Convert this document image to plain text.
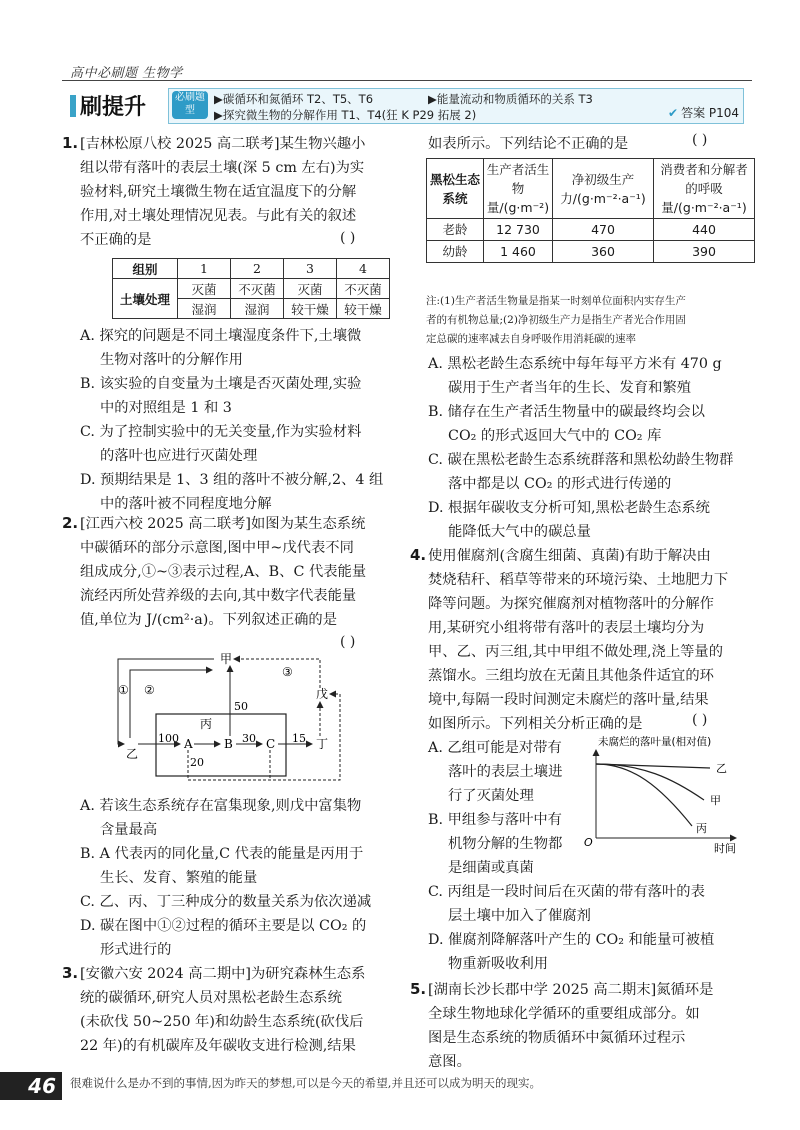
高中必刷题 生物学
刷提升	必刷题型
▶碳循环和氮循环 T2、T5、T6	▶能量流动和物质循环的关系 T3
▶探究微生物的分解作用 T1、T4(狂 K P29 拓展 2)	✔ 答案 P104
1. [吉林松原八校 2025 高二联考]某生物兴趣小
组以带有落叶的表层土壤(深 5 cm 左右)为实
验材料,研究土壤微生物在适宜温度下的分解
作用,对土壤处理情况见表。与此有关的叙述
不正确的是	( )
组别	1	2	3	4
土壤处理	灭菌	不灭菌	灭菌	不灭菌
	湿润	湿润	较干燥	较干燥
A. 探究的问题是不同土壤湿度条件下,土壤微
生物对落叶的分解作用
B. 该实验的自变量为土壤是否灭菌处理,实验
中的对照组是 1 和 3
C. 为了控制实验中的无关变量,作为实验材料
的落叶也应进行灭菌处理
D. 预期结果是 1、3 组的落叶不被分解,2、4 组
中的落叶被不同程度地分解
2. [江西六校 2025 高二联考]如图为某生态系统
中碳循环的部分示意图,图中甲~戊代表不同
组成成分,①~③表示过程,A、B、C 代表能量
流经丙所处营养级的去向,其中数字代表能量
值,单位为 J/(cm²·a)。下列叙述正确的是
( )
甲
乙
丙
戊
A	B	C	丁
① ②
③
100	30	15
50
20
A. 若该生态系统存在富集现象,则戊中富集物
含量最高
B. A 代表丙的同化量,C 代表的能量是丙用于
生长、发育、繁殖的能量
C. 乙、丙、丁三种成分的数量关系为依次递减
D. 碳在图中①②过程的循环主要是以 CO₂ 的
形式进行的
3. [安徽六安 2024 高二期中]为研究森林生态系
统的碳循环,研究人员对黑松老龄生态系统
(未砍伐 50~250 年)和幼龄生态系统(砍伐后
22 年)的有机碳库及年碳收支进行检测,结果
如表所示。下列结论不正确的是	( )
黑松生态系统	生产者活生物量/(g·m⁻²)	净初级生产力/(g·m⁻²·a⁻¹)	消费者和分解者的呼吸量/(g·m⁻²·a⁻¹)
老龄	12 730	470	440
幼龄	1 460	360	390
注:(1)生产者活生物量是指某一时刻单位面积内实存生产
者的有机物总量;(2)净初级生产力是指生产者光合作用固
定总碳的速率减去自身呼吸作用消耗碳的速率
A. 黑松老龄生态系统中每年每平方米有 470 g
碳用于生产者当年的生长、发育和繁殖
B. 储存在生产者活生物量中的碳最终均会以
CO₂ 的形式返回大气中的 CO₂ 库
C. 碳在黑松老龄生态系统群落和黑松幼龄生物群
落中都是以 CO₂ 的形式进行传递的
D. 根据年碳收支分析可知,黑松老龄生态系统
能降低大气中的碳总量
4. 使用催腐剂(含腐生细菌、真菌)有助于解决由
焚烧秸秆、稻草等带来的环境污染、土地肥力下
降等问题。为探究催腐剂对植物落叶的分解作
用,某研究小组将带有落叶的表层土壤均分为
甲、乙、丙三组,其中甲组不做处理,浇上等量的
蒸馏水。三组均放在无菌且其他条件适宜的环
境中,每隔一段时间测定未腐烂的落叶量,结果
如图所示。下列相关分析正确的是	( )
A. 乙组可能是对带有
落叶的表层土壤进
行了灭菌处理
B. 甲组参与落叶中有
机物分解的生物都
是细菌或真菌
未腐烂的落叶量(相对值)
O	时间
乙
甲
丙
C. 丙组是一段时间后在灭菌的带有落叶的表
层土壤中加入了催腐剂
D. 催腐剂降解落叶产生的 CO₂ 和能量可被植
物重新吸收利用
5. [湖南长沙长郡中学 2025 高二期末]氮循环是
全球生物地球化学循环的重要组成部分。如
图是生态系统的物质循环中氮循环过程示
意图。
46	很难说什么是办不到的事情,因为昨天的梦想,可以是今天的希望,并且还可以成为明天的现实。
